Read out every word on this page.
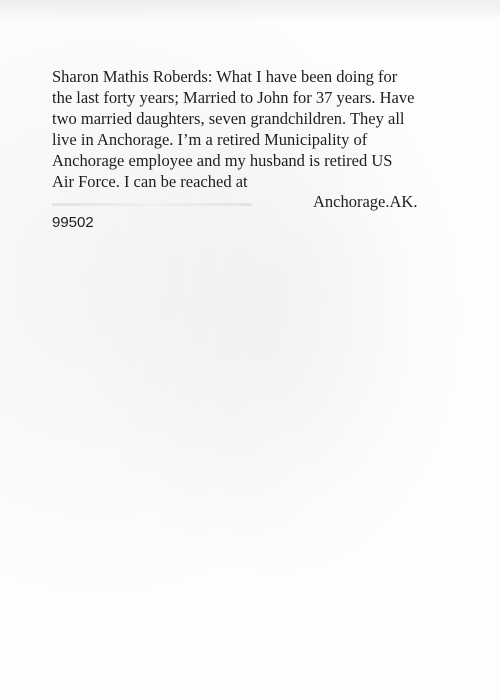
Sharon Mathis Roberds: What I have been doing for
the last forty years; Married to John for 37 years. Have
two married daughters, seven grandchildren. They all
live in Anchorage. I’m a retired Municipality of
Anchorage employee and my husband is retired US
Air Force. I can be reached at

Anchorage.AK.
99502
